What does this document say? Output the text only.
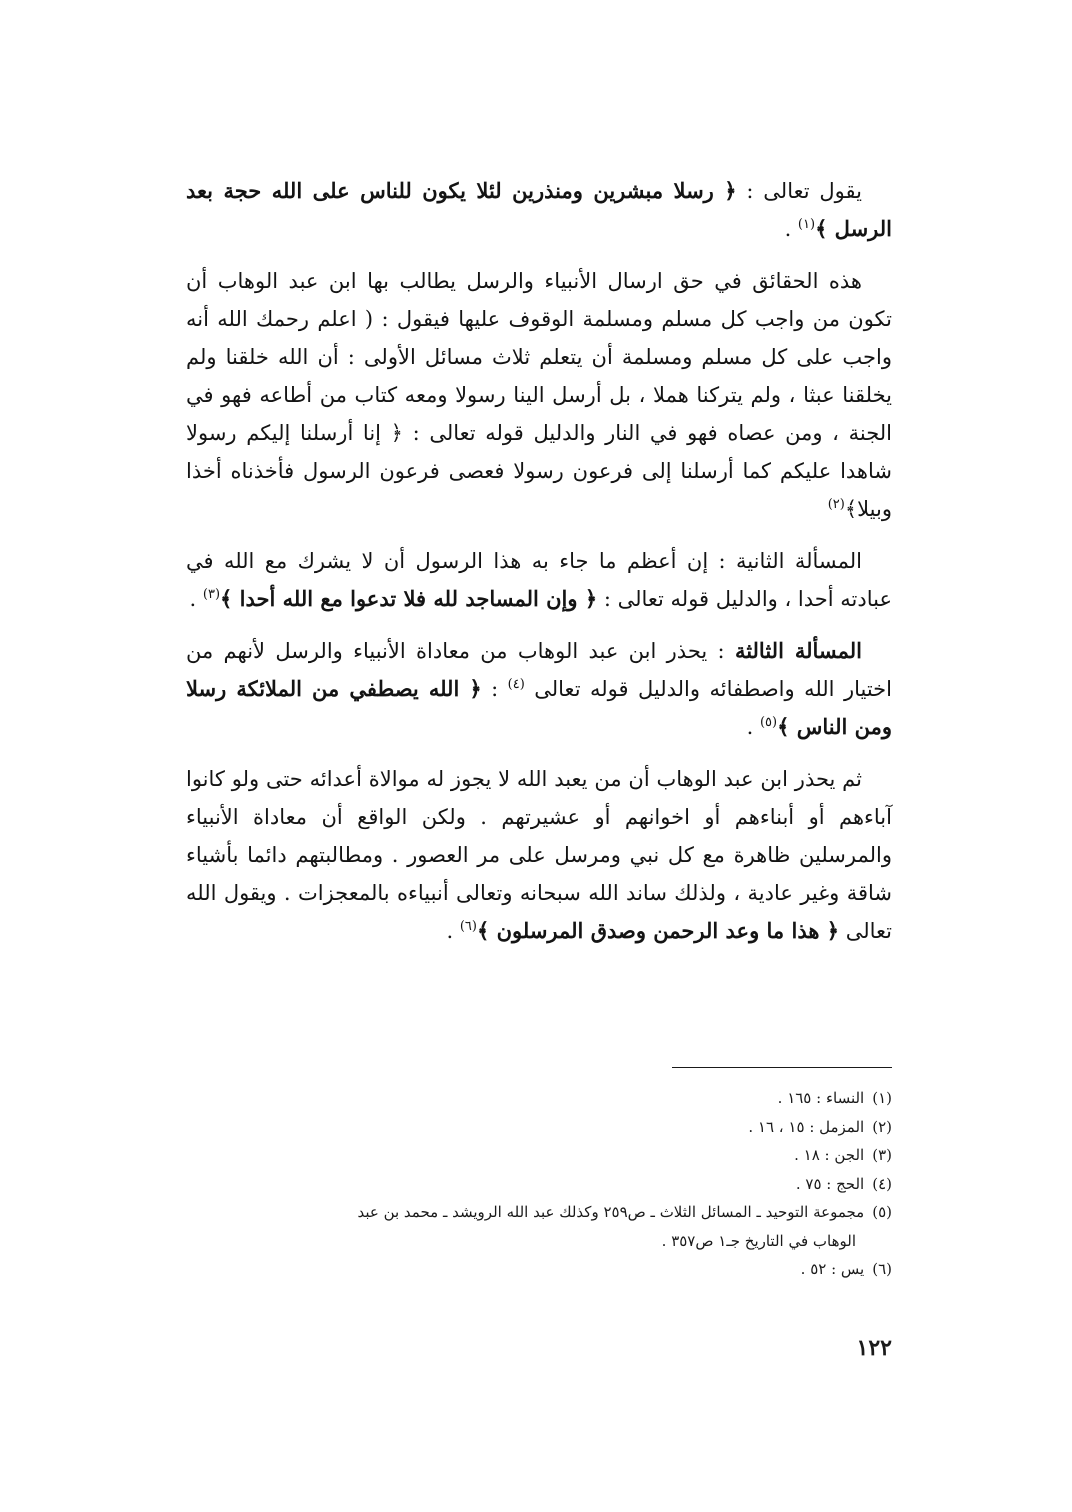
يقول تعالى : ﴿ رسلا مبشرين ومنذرين لئلا يكون للناس على الله حجة بعد الرسل ﴾$^{(١)}$ .

هذه الحقائق في حق ارسال الأنبياء والرسل يطالب بها ابن عبد الوهاب أن تكون من واجب كل مسلم ومسلمة الوقوف عليها فيقول : ( اعلم رحمك الله أنه واجب على كل مسلم ومسلمة أن يتعلم ثلاث مسائل الأولى : أن الله خلقنا ولم يخلقنا عبثا ، ولم يتركنا هملا ، بل أرسل الينا رسولا ومعه كتاب من أطاعه فهو في الجنة ، ومن عصاه فهو في النار والدليل قوله تعالى : ﴿ إنا أرسلنا إليكم رسولا شاهدا عليكم كما أرسلنا إلى فرعون رسولا فعصى فرعون الرسول فأخذناه أخذا وبيلا﴾$^{(٢)}$

المسألة الثانية : إن أعظم ما جاء به هذا الرسول أن لا يشرك مع الله في عبادته أحدا ، والدليل قوله تعالى : ﴿ وإن المساجد لله فلا تدعوا مع الله أحدا ﴾$^{(٣)}$ .

المسألة الثالثة : يحذر ابن عبد الوهاب من معاداة الأنبياء والرسل لأنهم من اختيار الله واصطفائه والدليل قوله تعالى $^{(٤)}$ : ﴿ الله يصطفي من الملائكة رسلا ومن الناس ﴾$^{(٥)}$ .

ثم يحذر ابن عبد الوهاب أن من يعبد الله لا يجوز له موالاة أعدائه حتى ولو كانوا آباءهم أو أبناءهم أو اخوانهم أو عشيرتهم . ولكن الواقع أن معاداة الأنبياء والمرسلين ظاهرة مع كل نبي ومرسل على مر العصور . ومطالبتهم دائما بأشياء شاقة وغير عادية ، ولذلك ساند الله سبحانه وتعالى أنبياءه بالمعجزات . ويقول الله تعالى ﴿ هذا ما وعد الرحمن وصدق المرسلون ﴾$^{(٦)}$ .

(١)النساء : ١٦٥ .

(٢)المزمل : ١٥ ، ١٦ .

(٣)الجن : ١٨ .

(٤)الحج : ٧٥ .

(٥)مجموعة التوحيد ـ المسائل الثلاث ـ ص٢٥٩ وكذلك عبد الله الرويشد ـ محمد بن عبد

الوهاب في التاريخ جـ١ ص٣٥٧ .

(٦)يس : ٥٢ .

١٢٢
